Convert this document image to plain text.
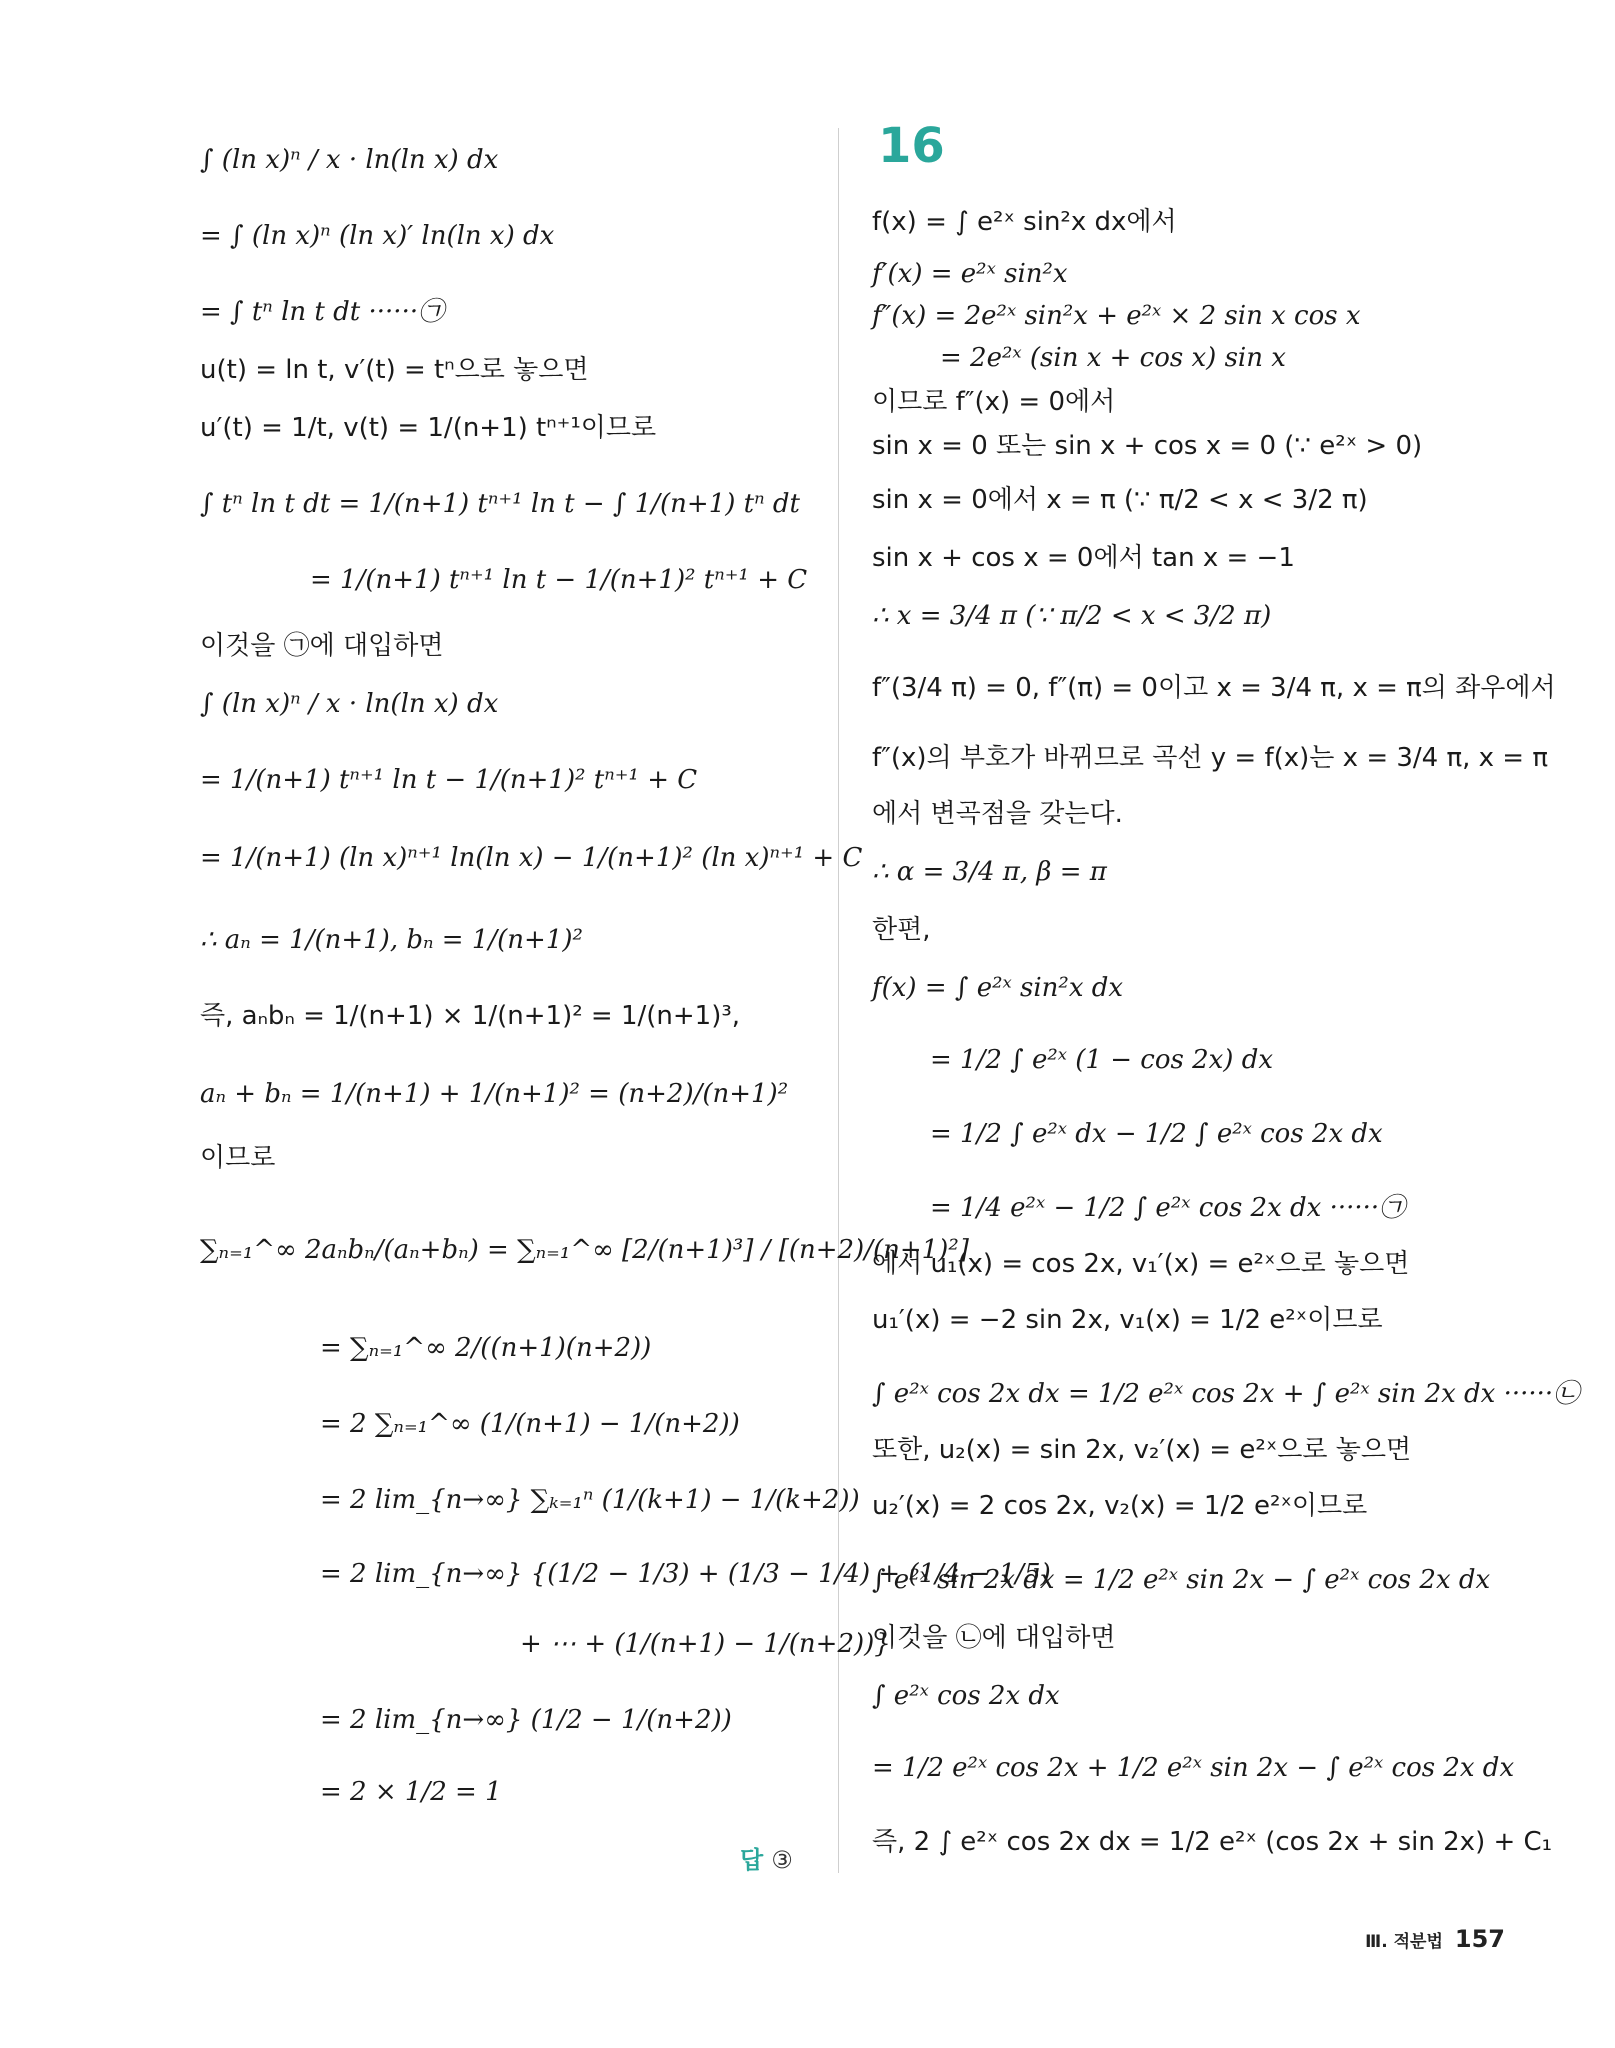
16
∫ (ln x)ⁿ / x · ln(ln x) dx
= ∫ (ln x)ⁿ (ln x)′ ln(ln x) dx
= ∫ tⁿ ln t dt ······㉠
u(t) = ln t, v′(t) = tⁿ으로 놓으면
u′(t) = 1/t, v(t) = 1/(n+1) tⁿ⁺¹이므로
∫ tⁿ ln t dt = 1/(n+1) tⁿ⁺¹ ln t − ∫ 1/(n+1) tⁿ dt
= 1/(n+1) tⁿ⁺¹ ln t − 1/(n+1)² tⁿ⁺¹ + C
이것을 ㉠에 대입하면
∫ (ln x)ⁿ / x · ln(ln x) dx
= 1/(n+1) tⁿ⁺¹ ln t − 1/(n+1)² tⁿ⁺¹ + C
= 1/(n+1) (ln x)ⁿ⁺¹ ln(ln x) − 1/(n+1)² (ln x)ⁿ⁺¹ + C
∴ aₙ = 1/(n+1), bₙ = 1/(n+1)²
즉, aₙbₙ = 1/(n+1) × 1/(n+1)² = 1/(n+1)³,
aₙ + bₙ = 1/(n+1) + 1/(n+1)² = (n+2)/(n+1)²
이므로
∑ₙ₌₁^∞ 2aₙbₙ/(aₙ+bₙ) = ∑ₙ₌₁^∞ [2/(n+1)³] / [(n+2)/(n+1)²]
= ∑ₙ₌₁^∞ 2/((n+1)(n+2))
= 2 ∑ₙ₌₁^∞ (1/(n+1) − 1/(n+2))
= 2 lim_{n→∞} ∑ₖ₌₁ⁿ (1/(k+1) − 1/(k+2))
= 2 lim_{n→∞} {(1/2 − 1/3) + (1/3 − 1/4) + (1/4 − 1/5)
+ ⋯ + (1/(n+1) − 1/(n+2))}
= 2 lim_{n→∞} (1/2 − 1/(n+2))
= 2 × 1/2 = 1
답 ③
f(x) = ∫ e²ˣ sin²x dx에서
f′(x) = e²ˣ sin²x
f″(x) = 2e²ˣ sin²x + e²ˣ × 2 sin x cos x
= 2e²ˣ (sin x + cos x) sin x
이므로 f″(x) = 0에서
sin x = 0 또는 sin x + cos x = 0 (∵ e²ˣ > 0)
sin x = 0에서 x = π (∵ π/2 < x < 3/2 π)
sin x + cos x = 0에서 tan x = −1
∴ x = 3/4 π (∵ π/2 < x < 3/2 π)
f″(3/4 π) = 0, f″(π) = 0이고 x = 3/4 π, x = π의 좌우에서
f″(x)의 부호가 바뀌므로 곡선 y = f(x)는 x = 3/4 π, x = π
에서 변곡점을 갖는다.
∴ α = 3/4 π, β = π
한편,
f(x) = ∫ e²ˣ sin²x dx
= 1/2 ∫ e²ˣ (1 − cos 2x) dx
= 1/2 ∫ e²ˣ dx − 1/2 ∫ e²ˣ cos 2x dx
= 1/4 e²ˣ − 1/2 ∫ e²ˣ cos 2x dx ······㉠
에서 u₁(x) = cos 2x, v₁′(x) = e²ˣ으로 놓으면
u₁′(x) = −2 sin 2x, v₁(x) = 1/2 e²ˣ이므로
∫ e²ˣ cos 2x dx = 1/2 e²ˣ cos 2x + ∫ e²ˣ sin 2x dx ······㉡
또한, u₂(x) = sin 2x, v₂′(x) = e²ˣ으로 놓으면
u₂′(x) = 2 cos 2x, v₂(x) = 1/2 e²ˣ이므로
∫ e²ˣ sin 2x dx = 1/2 e²ˣ sin 2x − ∫ e²ˣ cos 2x dx
이것을 ㉡에 대입하면
∫ e²ˣ cos 2x dx
= 1/2 e²ˣ cos 2x + 1/2 e²ˣ sin 2x − ∫ e²ˣ cos 2x dx
즉, 2 ∫ e²ˣ cos 2x dx = 1/2 e²ˣ (cos 2x + sin 2x) + C₁
Ⅲ. 적분법 157
